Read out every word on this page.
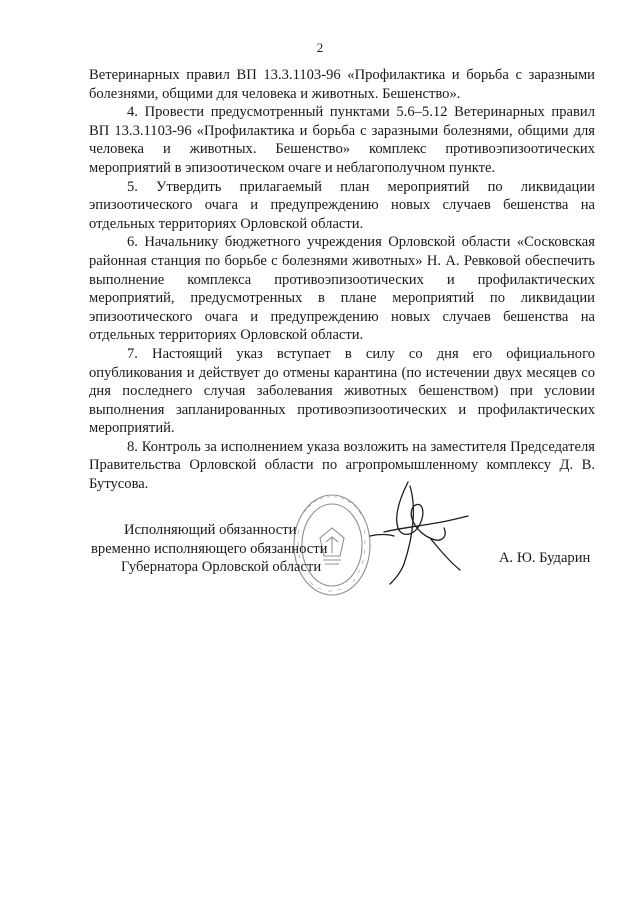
2

Ветеринарных правил ВП 13.3.1103-96 «Профилактика и борьба с заразными болезнями, общими для человека и животных. Бешенство».

4. Провести предусмотренный пунктами 5.6–5.12 Ветеринарных правил ВП 13.3.1103-96 «Профилактика и борьба с заразными болезнями, общими для человека и животных. Бешенство» комплекс противоэпизоотических мероприятий в эпизоотическом очаге и неблагополучном пункте.

5. Утвердить прилагаемый план мероприятий по ликвидации эпизоотического очага и предупреждению новых случаев бешенства на отдельных территориях Орловской области.

6. Начальнику бюджетного учреждения Орловской области «Сосковская районная станция по борьбе с болезнями животных» Н. А. Ревковой обеспечить выполнение комплекса противоэпизоотических и профилактических мероприятий, предусмотренных в плане мероприятий по ликвидации эпизоотического очага и предупреждению новых случаев бешенства на отдельных территориях Орловской области.

7. Настоящий указ вступает в силу со дня его официального опубликования и действует до отмены карантина (по истечении двух месяцев со дня последнего случая заболевания животных бешенством) при условии выполнения запланированных противоэпизоотических и профилактических мероприятий.

8. Контроль за исполнением указа возложить на заместителя Председателя Правительства Орловской области по агропромышленному комплексу Д. В. Бутусова.

Исполняющий обязанности
временно исполняющего обязанности
Губернатора Орловской области
А. Ю. Бударин
